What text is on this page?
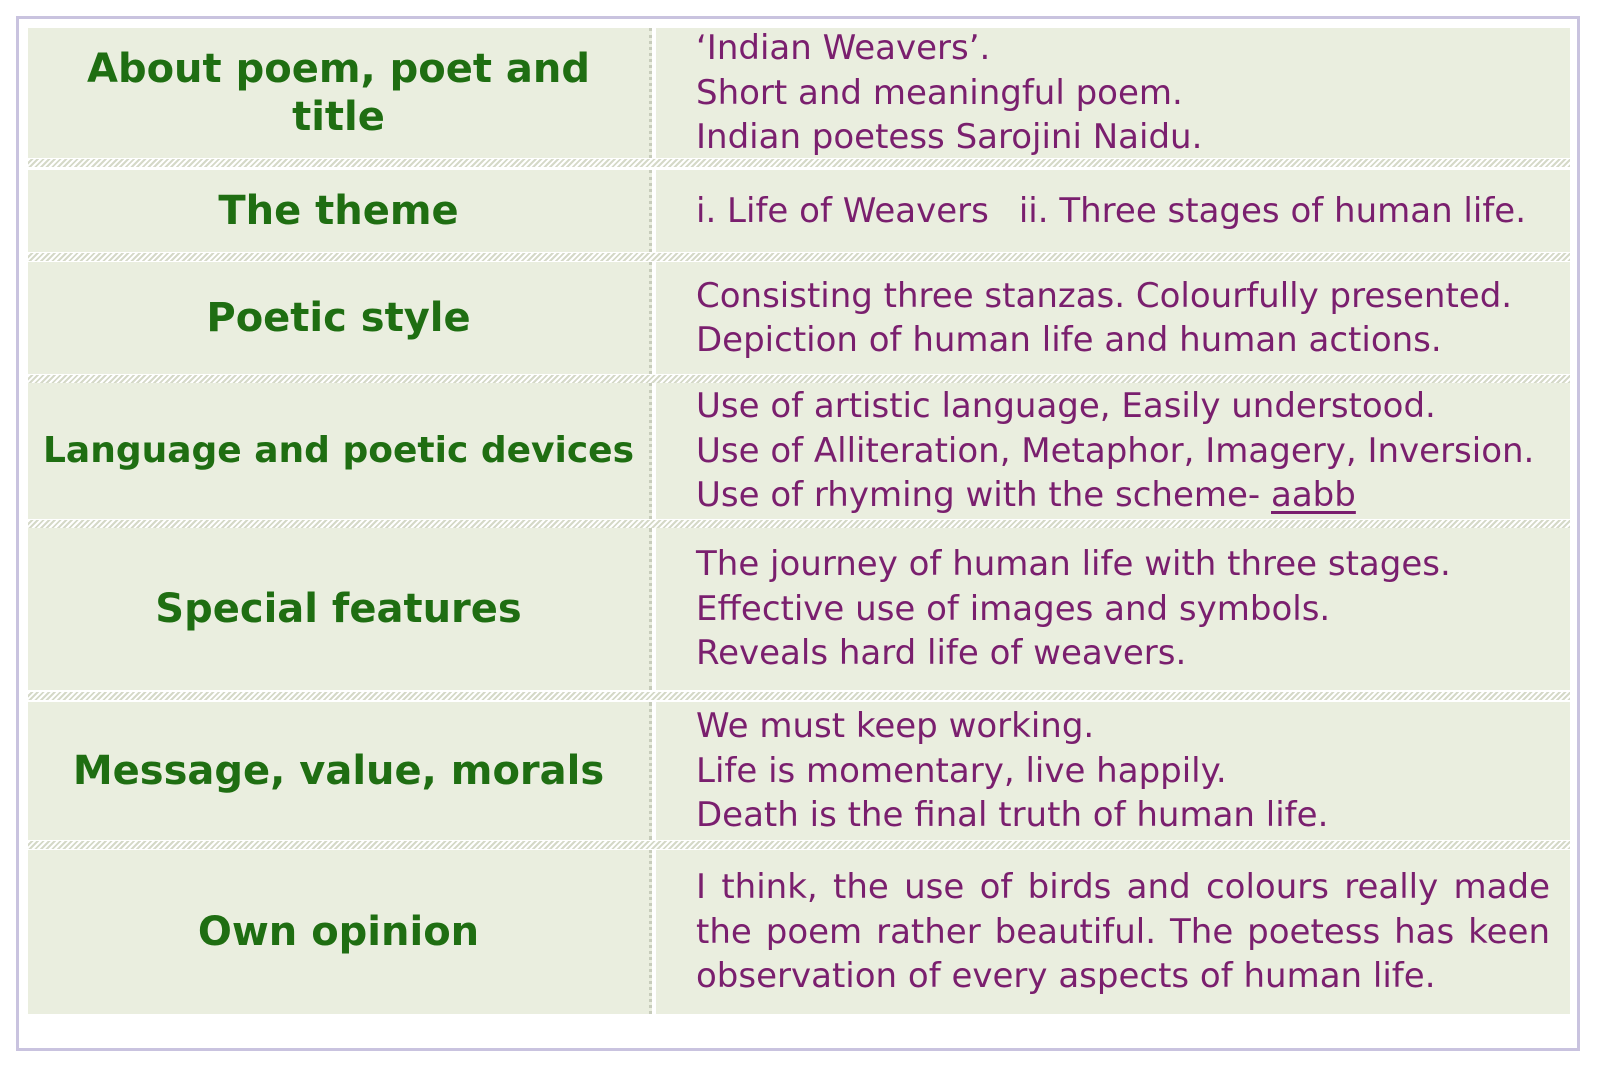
About poem, poet and title
‘Indian Weavers’.
Short and meaningful poem.
Indian poetess Sarojini Naidu.
The theme	i. Life of Weavers ii. Three stages of human life.
Poetic style	Consisting three stanzas. Colourfully presented.
Depiction of human life and human actions.
Language and poetic devices
Use of artistic language, Easily understood.
Use of Alliteration, Metaphor, Imagery, Inversion.
Use of rhyming with the scheme- aabb
Special features
The journey of human life with three stages.
Effective use of images and symbols.
Reveals hard life of weavers.
Message, value, morals
We must keep working.
Life is momentary, live happily.
Death is the final truth of human life.
Own opinion
I think, the use of birds and colours really made the poem rather beautiful. The poetess has keen observation of every aspects of human life.
